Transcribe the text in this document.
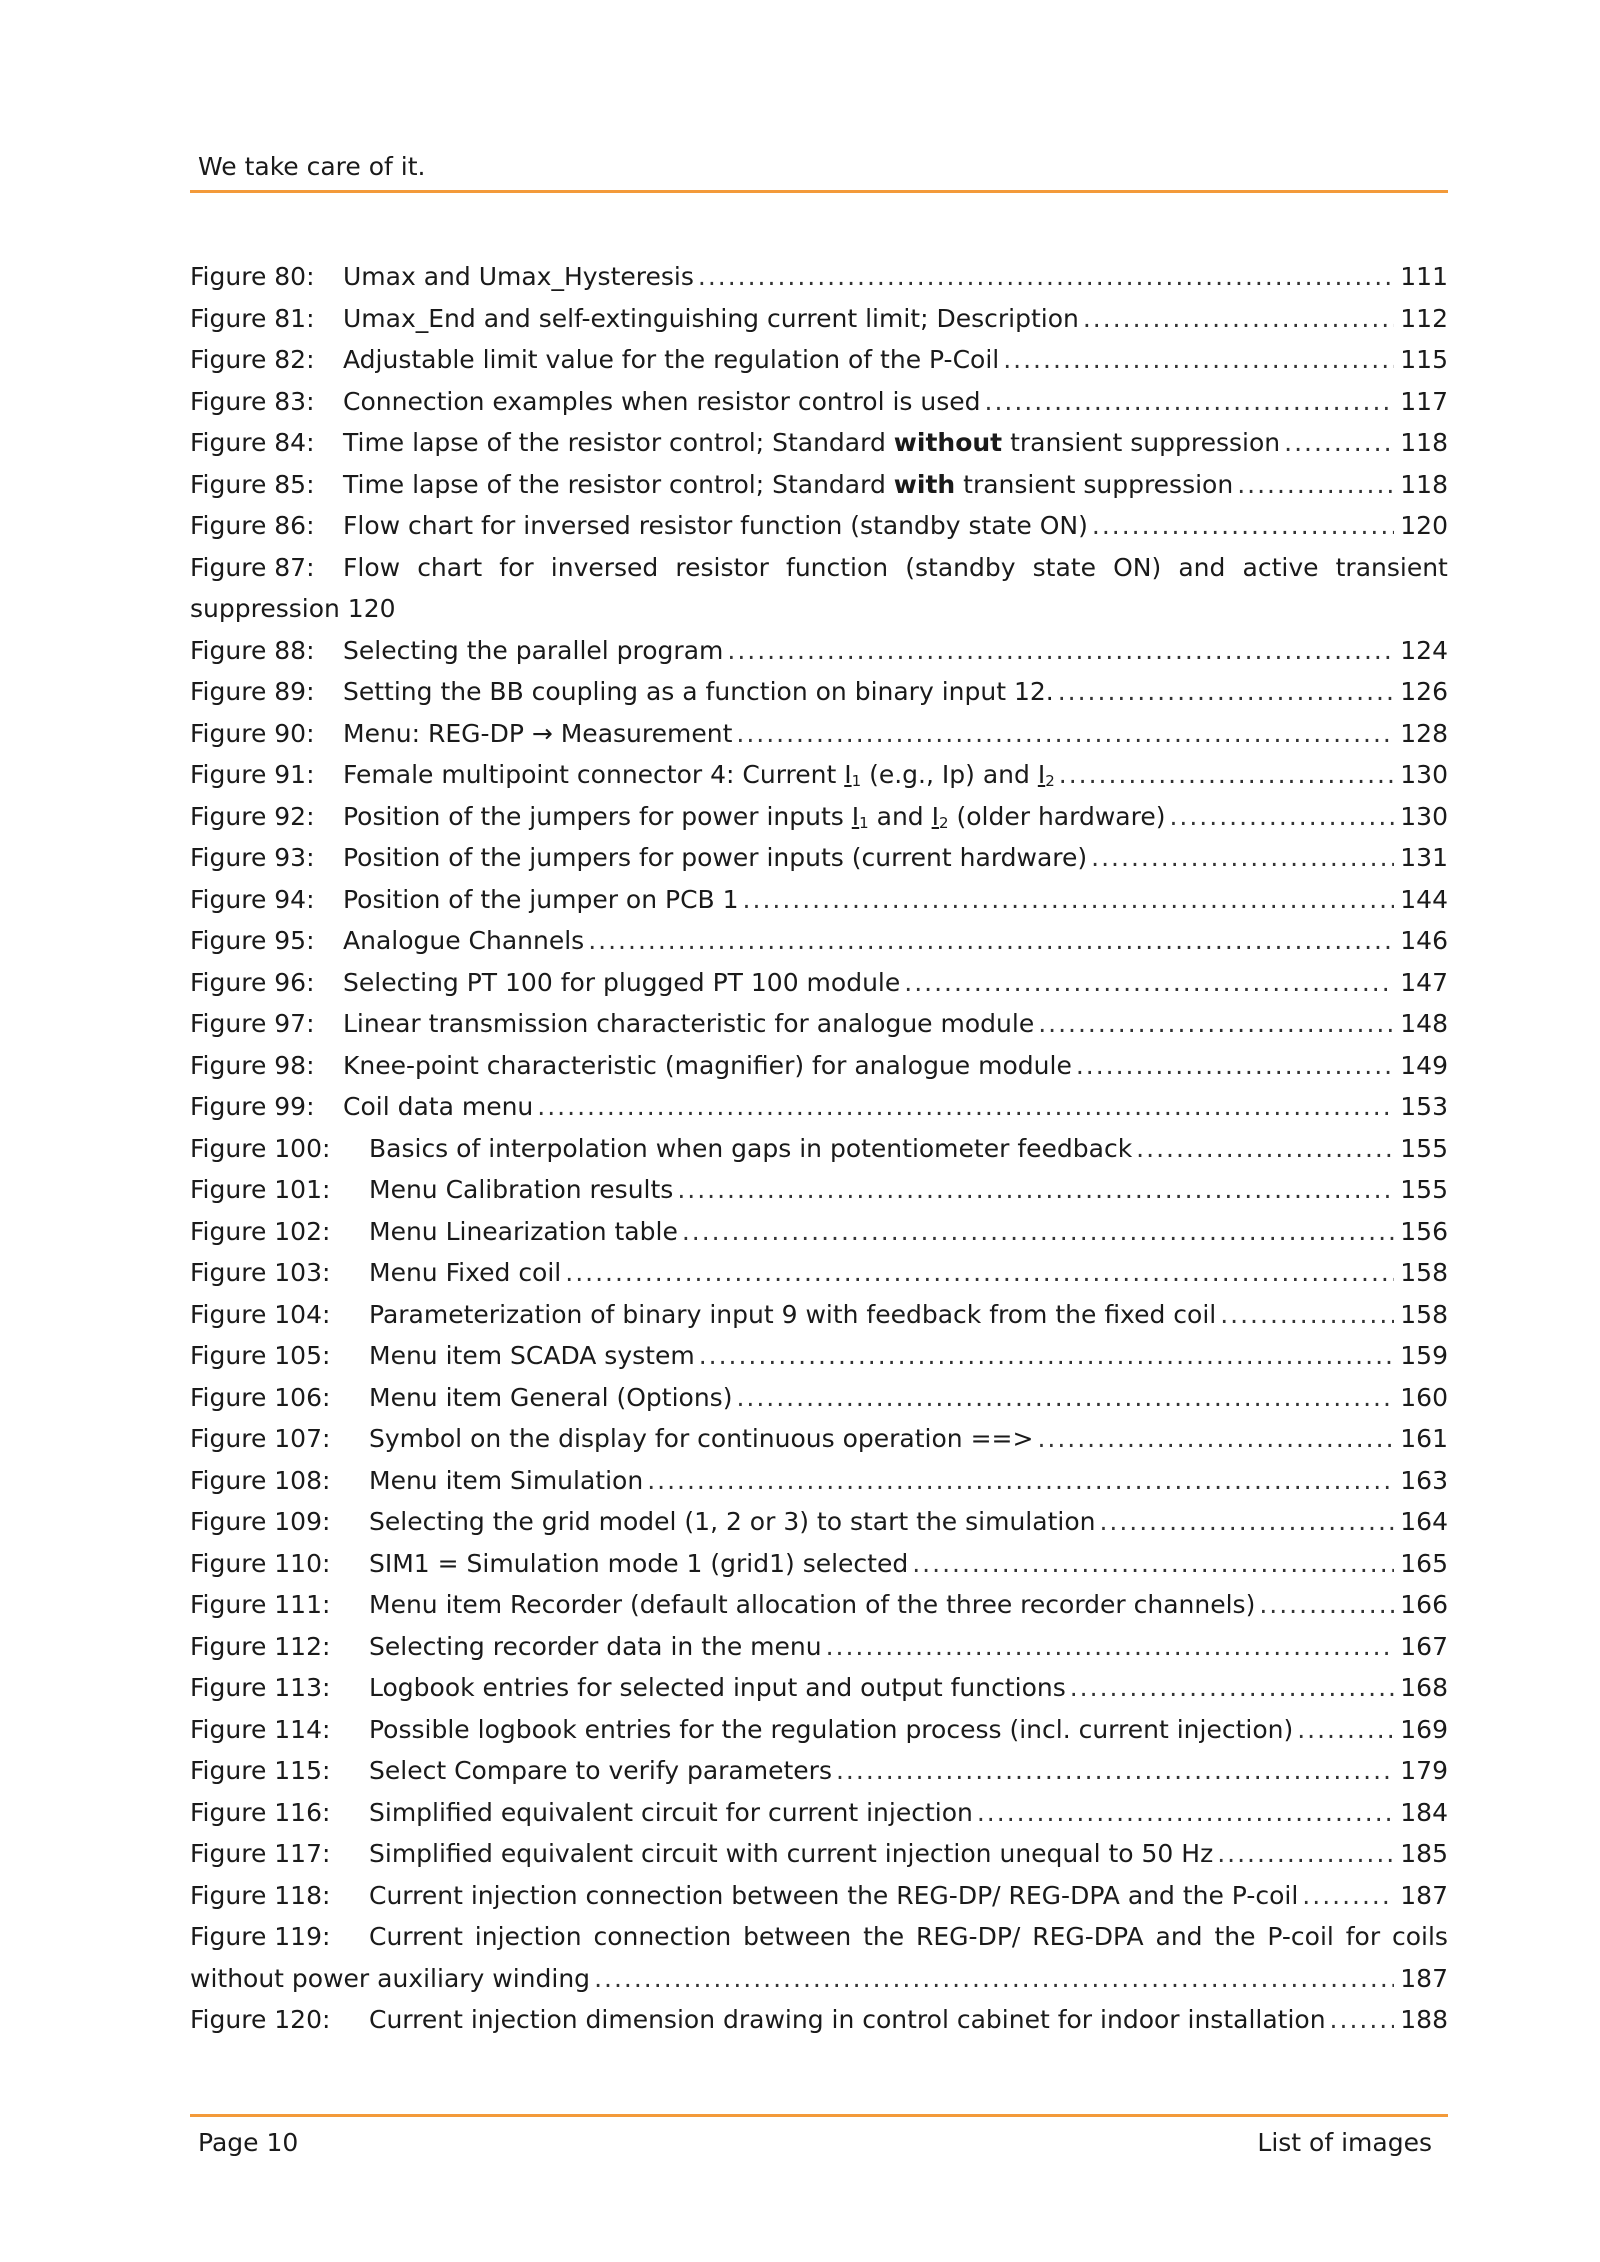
We take care of it.
Figure 80:	Umax and Umax_Hysteresis .....	111
Figure 81:	Umax_End and self-extinguishing current limit; Description .....	112
Figure 82:	Adjustable limit value for the regulation of the P-Coil .....	115
Figure 83:	Connection examples when resistor control is used .....	117
Figure 84:	Time lapse of the resistor control; Standard without transient suppression .....	118
Figure 85:	Time lapse of the resistor control; Standard with transient suppression .....	118
Figure 86:	Flow chart for inversed resistor function (standby state ON) .....	120
Figure 87:	Flow chart for inversed resistor function (standby state ON) and active transient
suppression 120
Figure 88:	Selecting the parallel program .....	124
Figure 89:	Setting the BB coupling as a function on binary input 12. .....	126
Figure 90:	Menu: REG-DP → Measurement .....	128
Figure 91:	Female multipoint connector 4: Current $I_1$ (e.g., Ip) and $I_2$ .....	130
Figure 92:	Position of the jumpers for power inputs $I_1$ and $I_2$ (older hardware) .....	130
Figure 93:	Position of the jumpers for power inputs (current hardware) .....	131
Figure 94:	Position of the jumper on PCB 1 .....	144
Figure 95:	Analogue Channels .....	146
Figure 96:	Selecting PT 100 for plugged PT 100 module .....	147
Figure 97:	Linear transmission characteristic for analogue module .....	148
Figure 98:	Knee-point characteristic (magnifier) for analogue module .....	149
Figure 99:	Coil data menu .....	153
Figure 100:	Basics of interpolation when gaps in potentiometer feedback .....	155
Figure 101:	Menu Calibration results .....	155
Figure 102:	Menu Linearization table .....	156
Figure 103:	Menu Fixed coil .....	158
Figure 104:	Parameterization of binary input 9 with feedback from the fixed coil .....	158
Figure 105:	Menu item SCADA system .....	159
Figure 106:	Menu item General (Options) .....	160
Figure 107:	Symbol on the display for continuous operation ==> .....	161
Figure 108:	Menu item Simulation .....	163
Figure 109:	Selecting the grid model (1, 2 or 3) to start the simulation .....	164
Figure 110:	SIM1 = Simulation mode 1 (grid1) selected .....	165
Figure 111:	Menu item Recorder (default allocation of the three recorder channels) .....	166
Figure 112:	Selecting recorder data in the menu .....	167
Figure 113:	Logbook entries for selected input and output functions .....	168
Figure 114:	Possible logbook entries for the regulation process (incl. current injection) .....	169
Figure 115:	Select Compare to verify parameters .....	179
Figure 116:	Simplified equivalent circuit for current injection .....	184
Figure 117:	Simplified equivalent circuit with current injection unequal to 50 Hz .....	185
Figure 118:	Current injection connection between the REG-DP/ REG-DPA and the P-coil .....	187
Figure 119:	Current injection connection between the REG-DP/ REG-DPA and the P-coil for coils
without power auxiliary winding .....	187
Figure 120:	Current injection dimension drawing in control cabinet for indoor installation .....	188
Page 10	List of images
